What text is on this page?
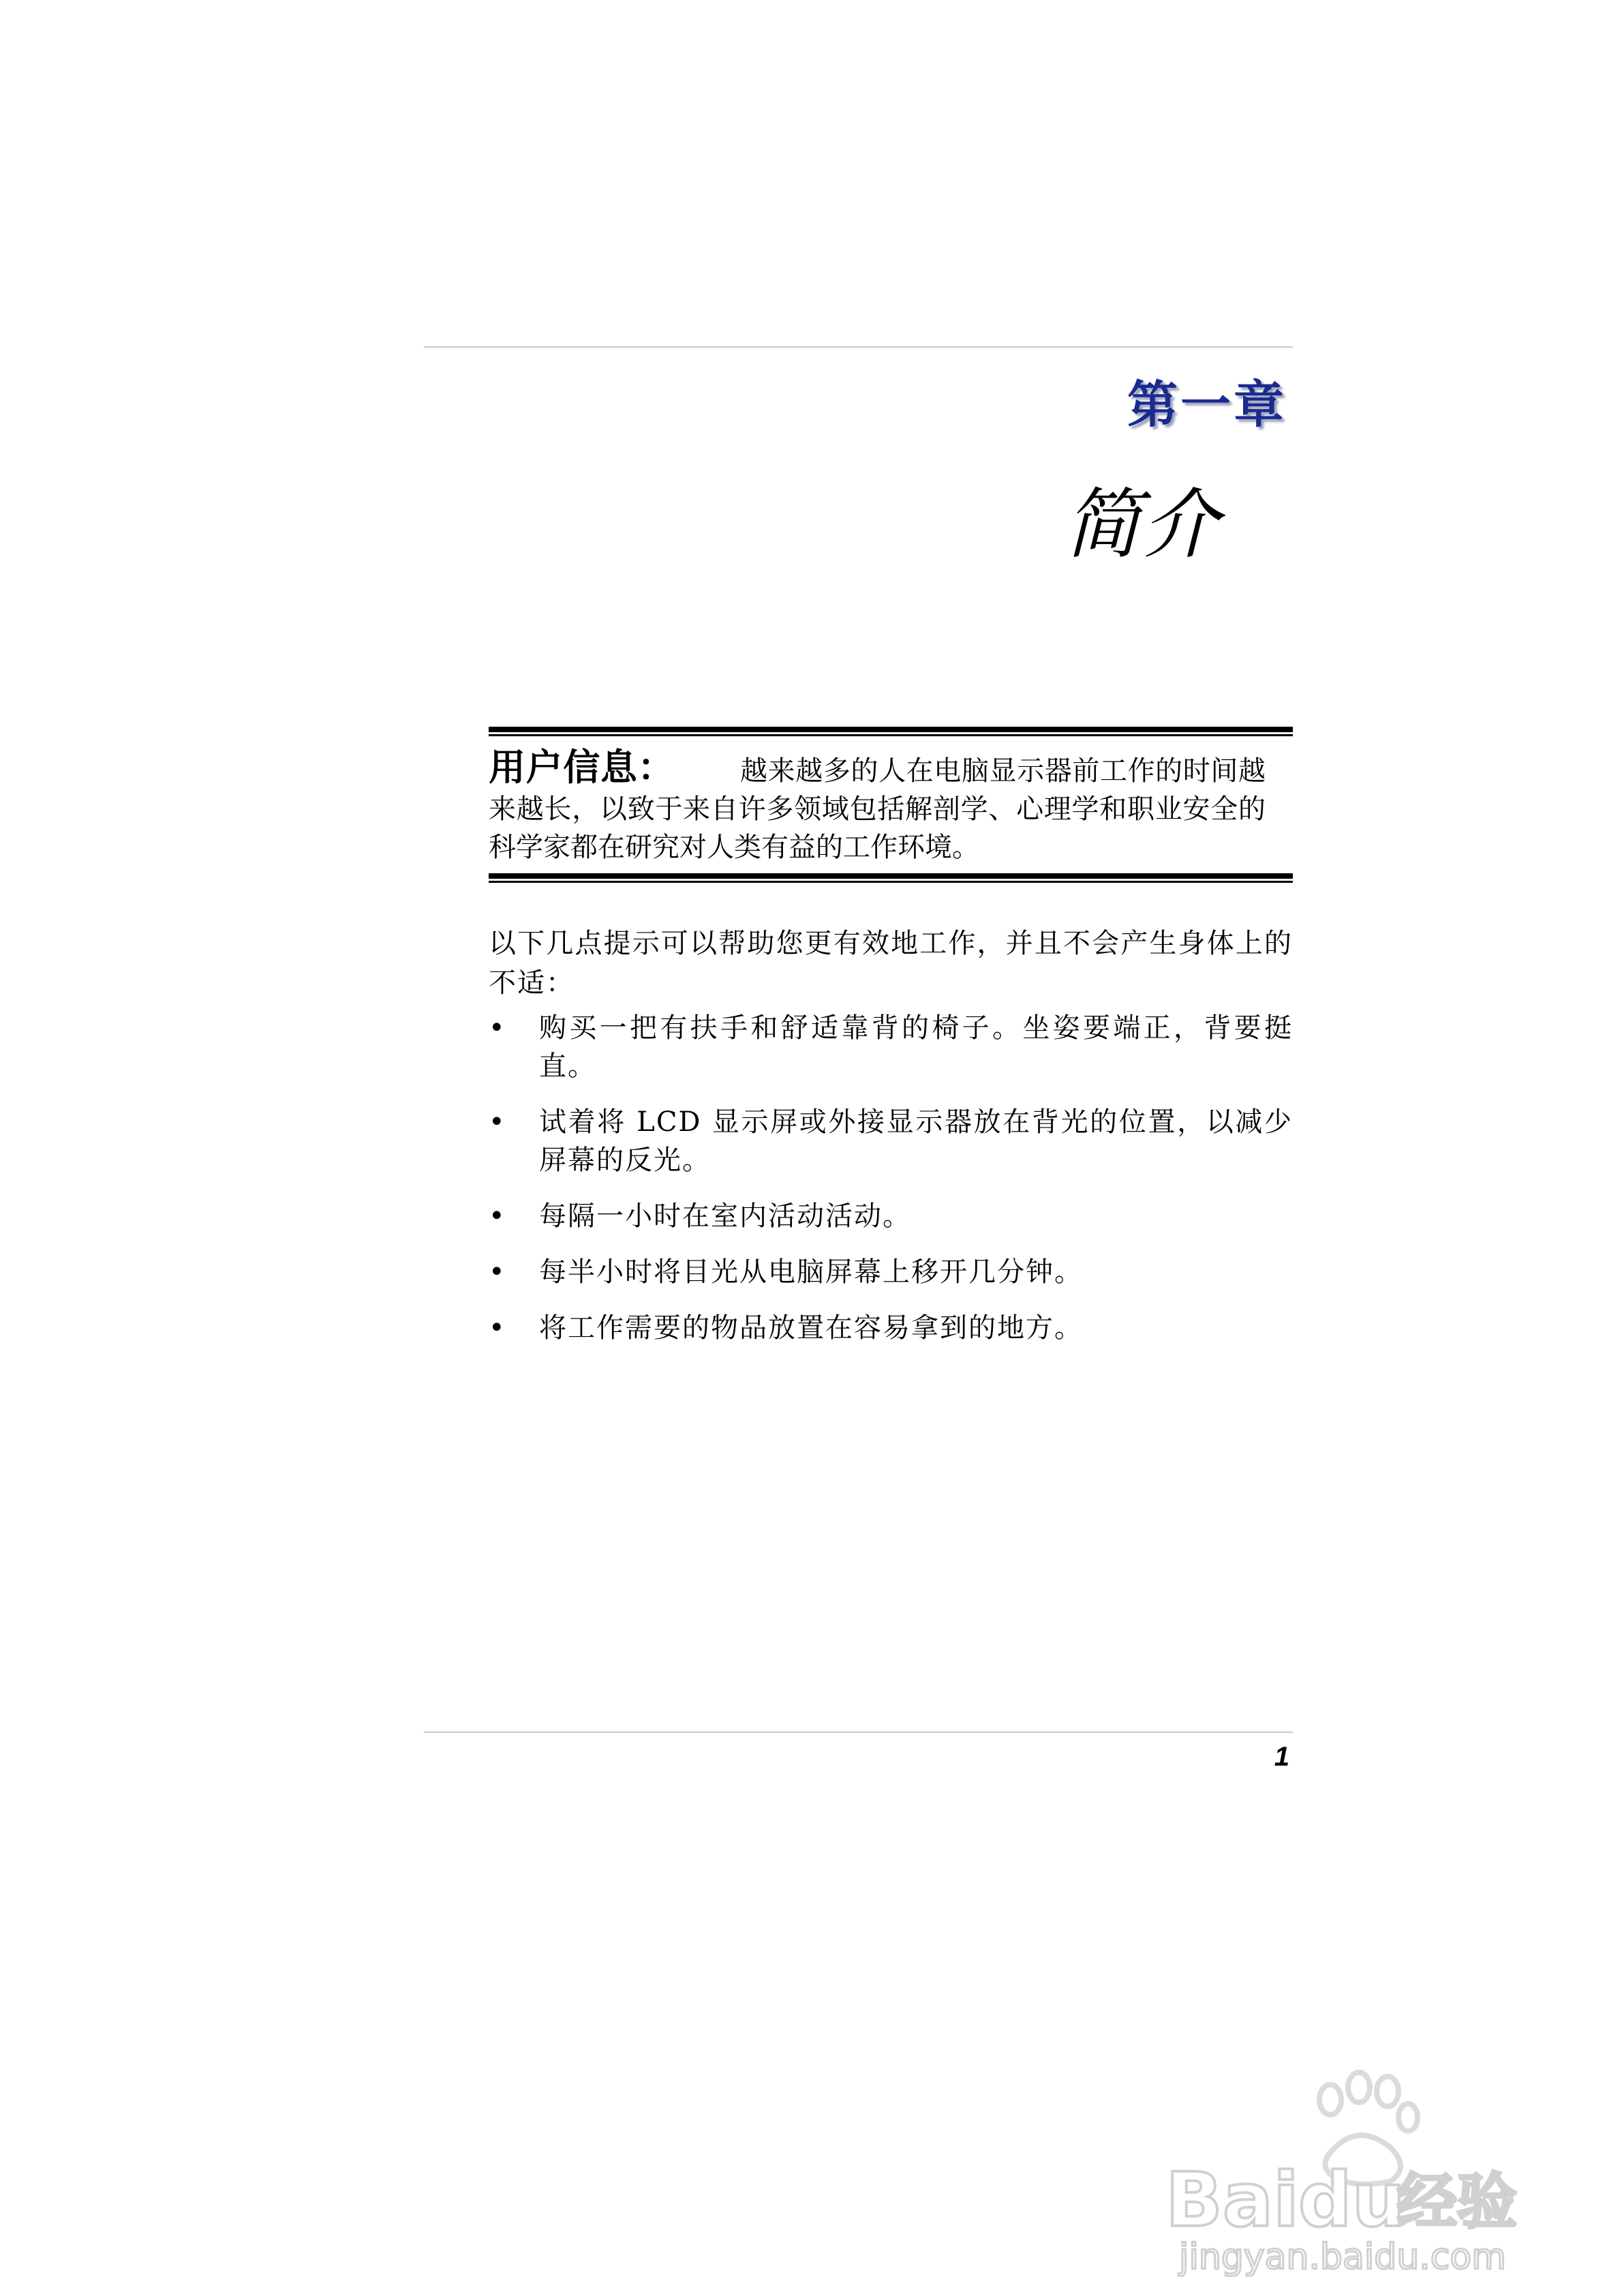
第一章
简介
用户信息： 越来越多的人在电脑显示器前工作的时间越来越长，以致于来自许多领域包括解剖学、心理学和职业安全的科学家都在研究对人类有益的工作环境。
以下几点提示可以帮助您更有效地工作，并且不会产生身体上的不适：
•	购买一把有扶手和舒适靠背的椅子。坐姿要端正，背要挺直。
•	试着将 LCD 显示屏或外接显示器放在背光的位置，以减少屏幕的反光。
•	每隔一小时在室内活动活动。
•	每半小时将目光从电脑屏幕上移开几分钟。
•	将工作需要的物品放置在容易拿到的地方。
1
Bai du
经验
jingyan.baidu.com
